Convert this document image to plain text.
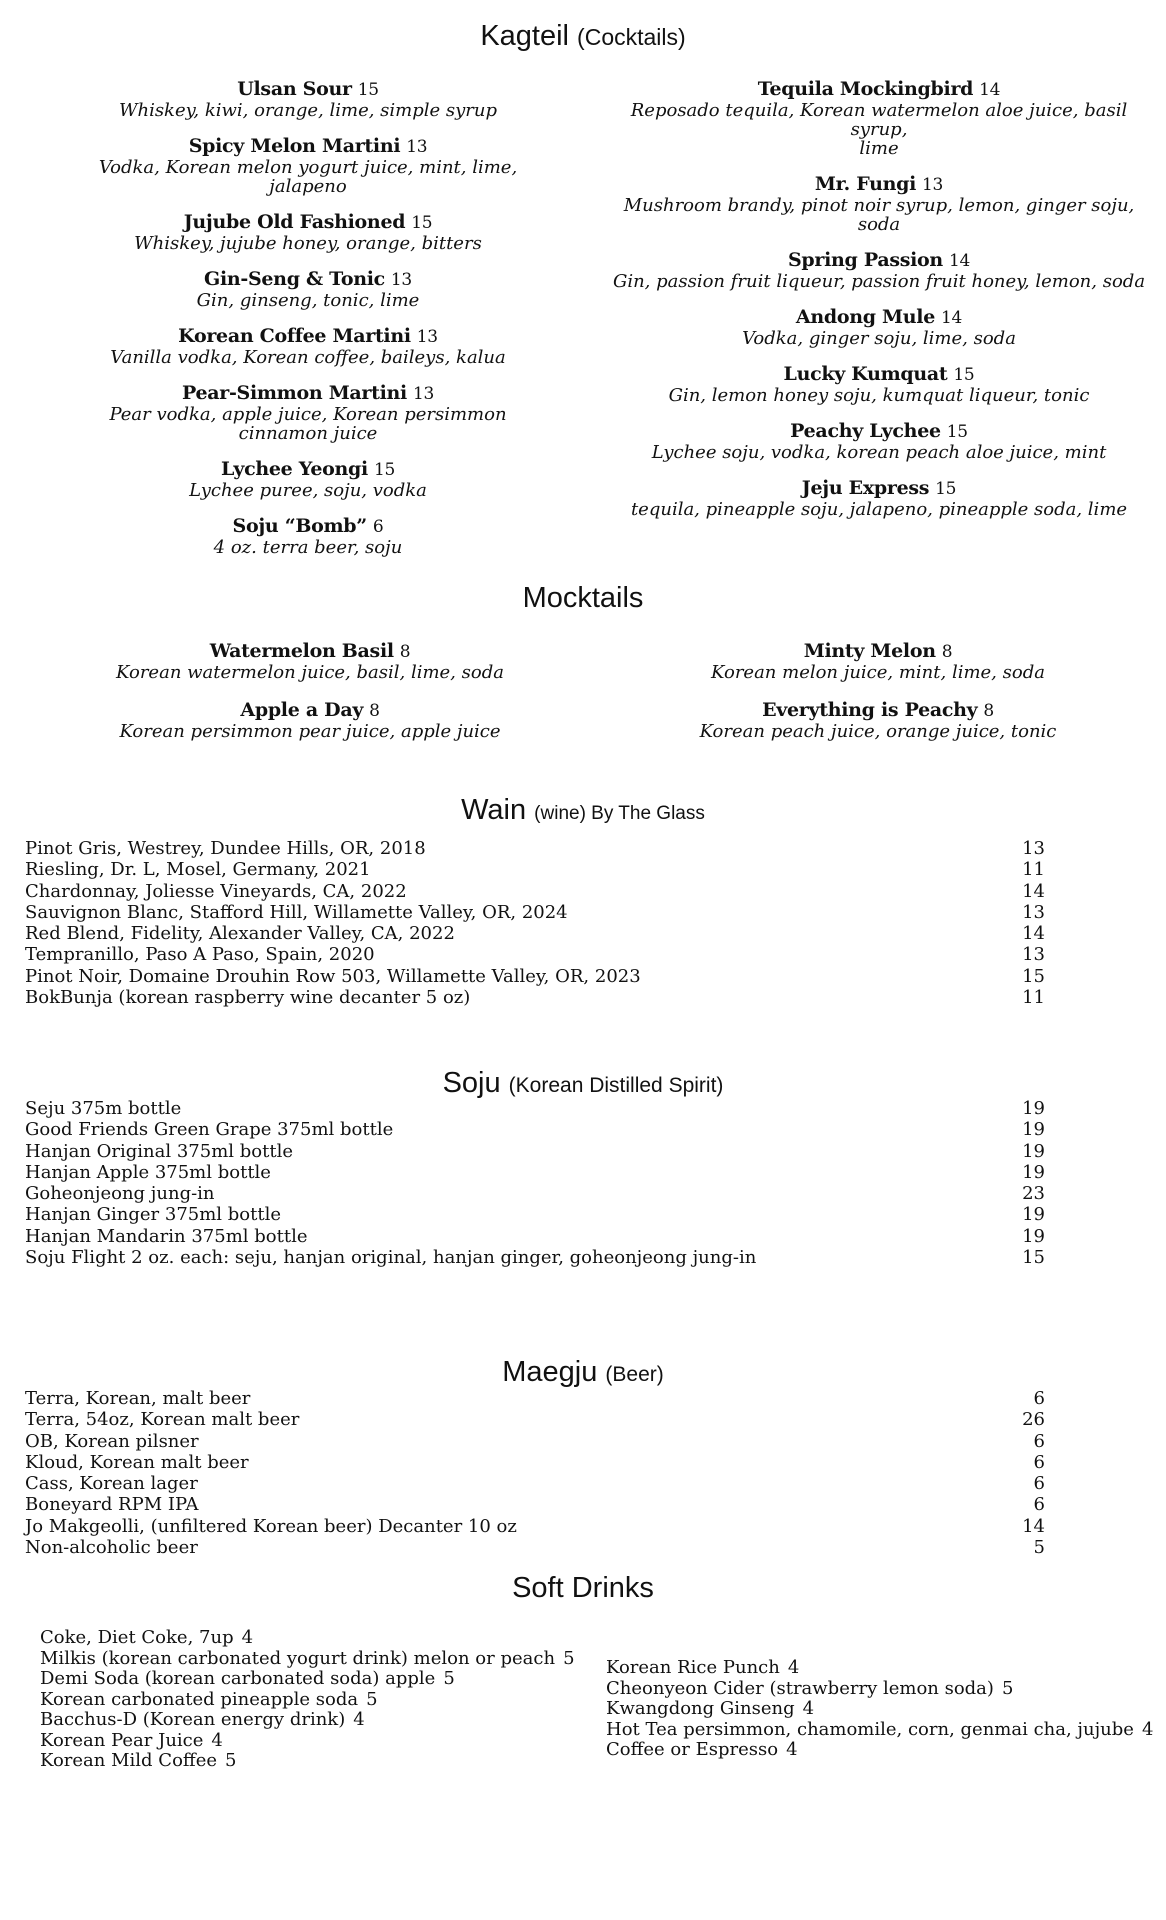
Kagteil (Cocktails)
Ulsan Sour 15
Whiskey, kiwi, orange, lime, simple syrup
Spicy Melon Martini 13
Vodka, Korean melon yogurt juice, mint, lime, jalapeno
Jujube Old Fashioned 15
Whiskey, jujube honey, orange, bitters
Gin-Seng & Tonic 13
Gin, ginseng, tonic, lime
Korean Coffee Martini 13
Vanilla vodka, Korean coffee, baileys, kalua
Pear-Simmon Martini 13
Pear vodka, apple juice, Korean persimmon
cinnamon juice
Lychee Yeongi 15
Lychee puree, soju, vodka
Soju “Bomb” 6
4 oz. terra beer, soju
Tequila Mockingbird 14
Reposado tequila, Korean watermelon aloe juice, basil syrup,
lime
Mr. Fungi 13
Mushroom brandy, pinot noir syrup, lemon, ginger soju, soda
Spring Passion 14
Gin, passion fruit liqueur, passion fruit honey, lemon, soda
Andong Mule 14
Vodka, ginger soju, lime, soda
Lucky Kumquat 15
Gin, lemon honey soju, kumquat liqueur, tonic
Peachy Lychee 15
Lychee soju, vodka, korean peach aloe juice, mint
Jeju Express 15
tequila, pineapple soju, jalapeno, pineapple soda, lime
Mocktails
Watermelon Basil 8
Korean watermelon juice, basil, lime, soda
Apple a Day 8
Korean persimmon pear juice, apple juice
Minty Melon 8
Korean melon juice, mint, lime, soda
Everything is Peachy 8
Korean peach juice, orange juice, tonic
Wain (wine) By The Glass
Pinot Gris, Westrey, Dundee Hills, OR, 2018	13
Riesling, Dr. L, Mosel, Germany, 2021	11
Chardonnay, Joliesse Vineyards, CA, 2022	14
Sauvignon Blanc, Stafford Hill, Willamette Valley, OR, 2024	13
Red Blend, Fidelity, Alexander Valley, CA, 2022	14
Tempranillo, Paso A Paso, Spain, 2020	13
Pinot Noir, Domaine Drouhin Row 503, Willamette Valley, OR, 2023	15
BokBunja (korean raspberry wine decanter 5 oz)	11
Soju (Korean Distilled Spirit)
Seju 375m bottle	19
Good Friends Green Grape 375ml bottle	19
Hanjan Original 375ml bottle	19
Hanjan Apple 375ml bottle	19
Goheonjeong jung-in	23
Hanjan Ginger 375ml bottle	19
Hanjan Mandarin 375ml bottle	19
Soju Flight 2 oz. each: seju, hanjan original, hanjan ginger, goheonjeong jung-in	15
Maegju (Beer)
Terra, Korean, malt beer	6
Terra, 54oz, Korean malt beer	26
OB, Korean pilsner	6
Kloud, Korean malt beer	6
Cass, Korean lager	6
Boneyard RPM IPA	6
Jo Makgeolli, (unfiltered Korean beer) Decanter 10 oz	14
Non-alcoholic beer	5
Soft Drinks
Coke, Diet Coke, 7up 4
Milkis (korean carbonated yogurt drink) melon or peach 5
Demi Soda (korean carbonated soda) apple 5
Korean carbonated pineapple soda 5
Bacchus-D (Korean energy drink) 4
Korean Pear Juice 4
Korean Mild Coffee 5
Korean Rice Punch 4
Cheonyeon Cider (strawberry lemon soda) 5
Kwangdong Ginseng 4
Hot Tea persimmon, chamomile, corn, genmai cha, jujube 4
Coffee or Espresso 4
